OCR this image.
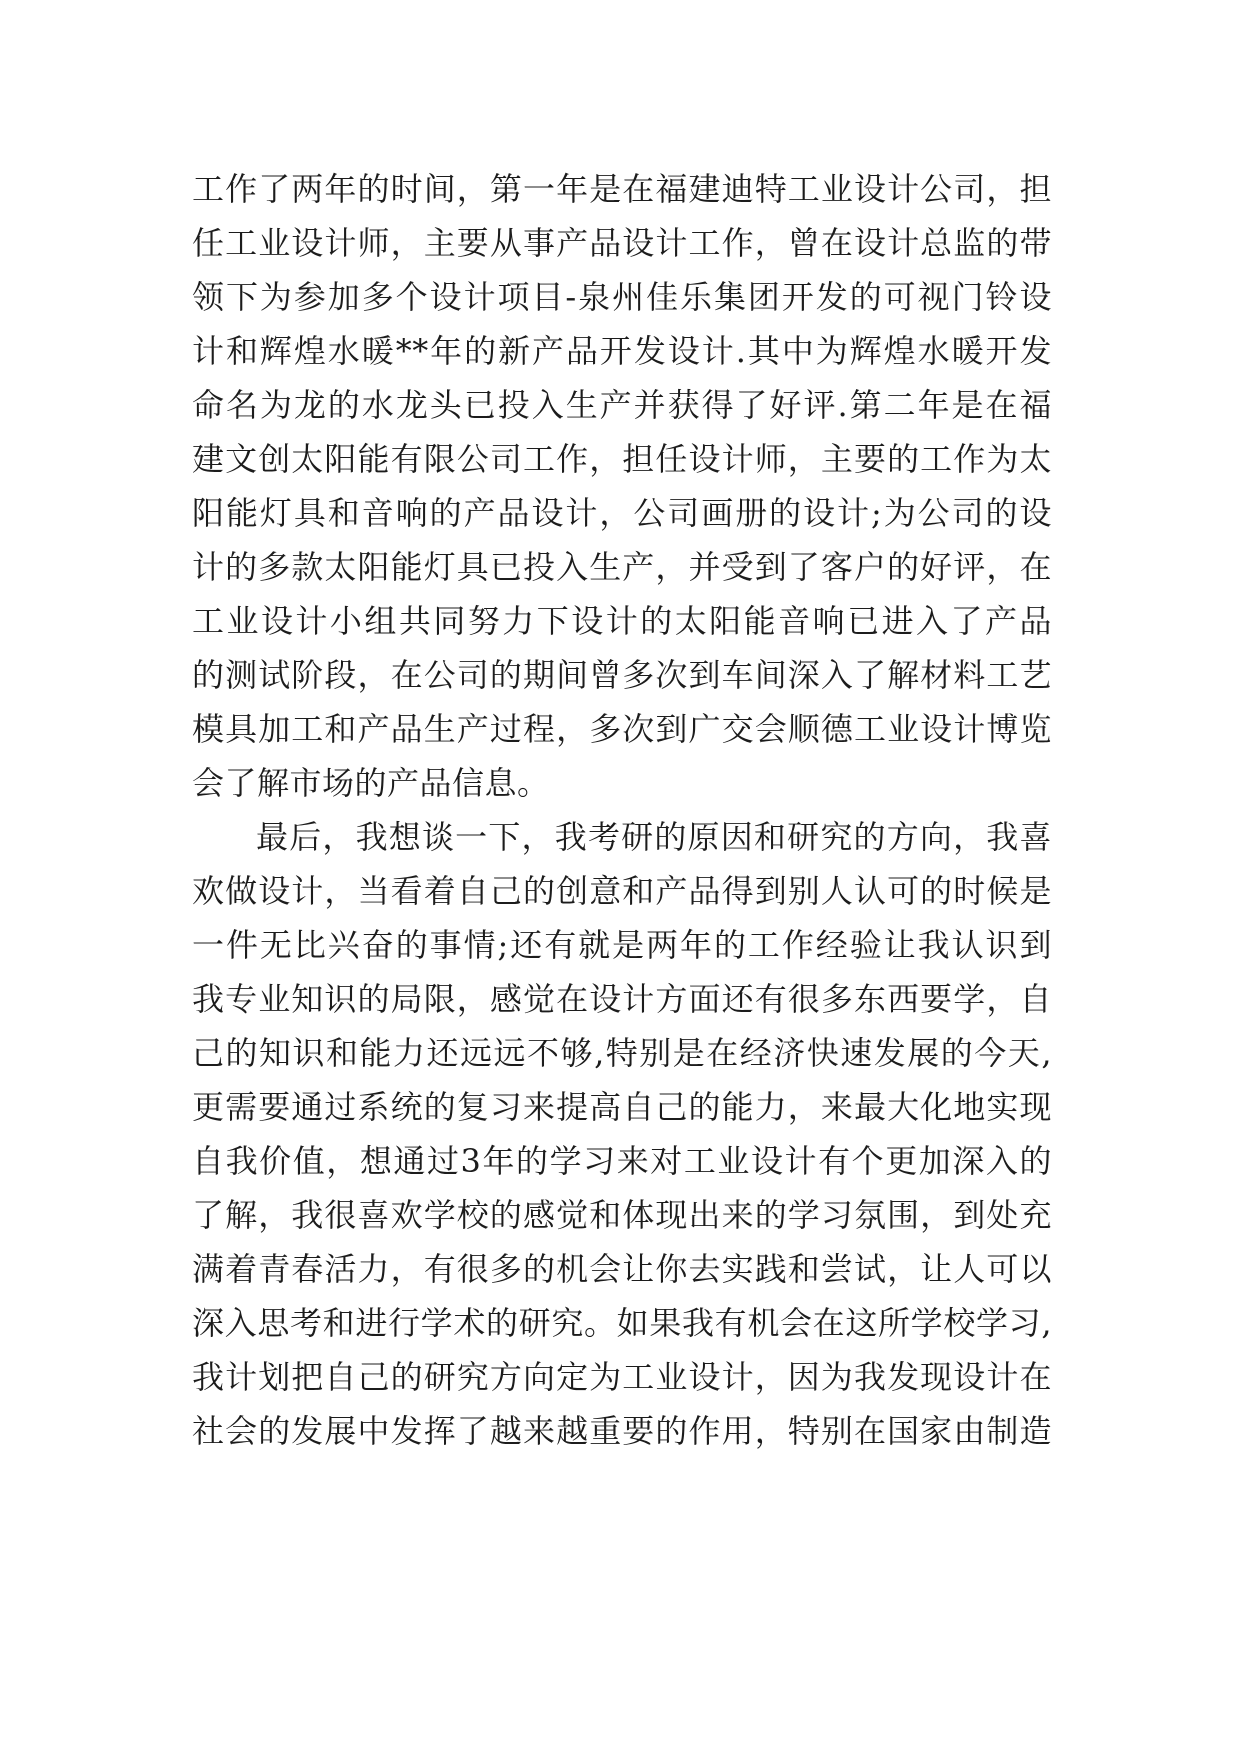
工作了两年的时间，第一年是在福建迪特工业设计公司，担
任工业设计师，主要从事产品设计工作，曾在设计总监的带
领下为参加多个设计项目-泉州佳乐集团开发的可视门铃设
计和辉煌水暖**年的新产品开发设计.其中为辉煌水暖开发
命名为龙的水龙头已投入生产并获得了好评.第二年是在福
建文创太阳能有限公司工作，担任设计师，主要的工作为太
阳能灯具和音响的产品设计，公司画册的设计;为公司的设
计的多款太阳能灯具已投入生产，并受到了客户的好评，在
工业设计小组共同努力下设计的太阳能音响已进入了产品
的测试阶段，在公司的期间曾多次到车间深入了解材料工艺
模具加工和产品生产过程，多次到广交会顺德工业设计博览
会了解市场的产品信息。
最后，我想谈一下，我考研的原因和研究的方向，我喜
欢做设计，当看着自己的创意和产品得到别人认可的时候是
一件无比兴奋的事情;还有就是两年的工作经验让我认识到
我专业知识的局限，感觉在设计方面还有很多东西要学，自
己的知识和能力还远远不够,特别是在经济快速发展的今天,
更需要通过系统的复习来提高自己的能力，来最大化地实现
自我价值，想通过3年的学习来对工业设计有个更加深入的
了解，我很喜欢学校的感觉和体现出来的学习氛围，到处充
满着青春活力，有很多的机会让你去实践和尝试，让人可以
深入思考和进行学术的研究。如果我有机会在这所学校学习,
我计划把自己的研究方向定为工业设计，因为我发现设计在
社会的发展中发挥了越来越重要的作用，特别在国家由制造
